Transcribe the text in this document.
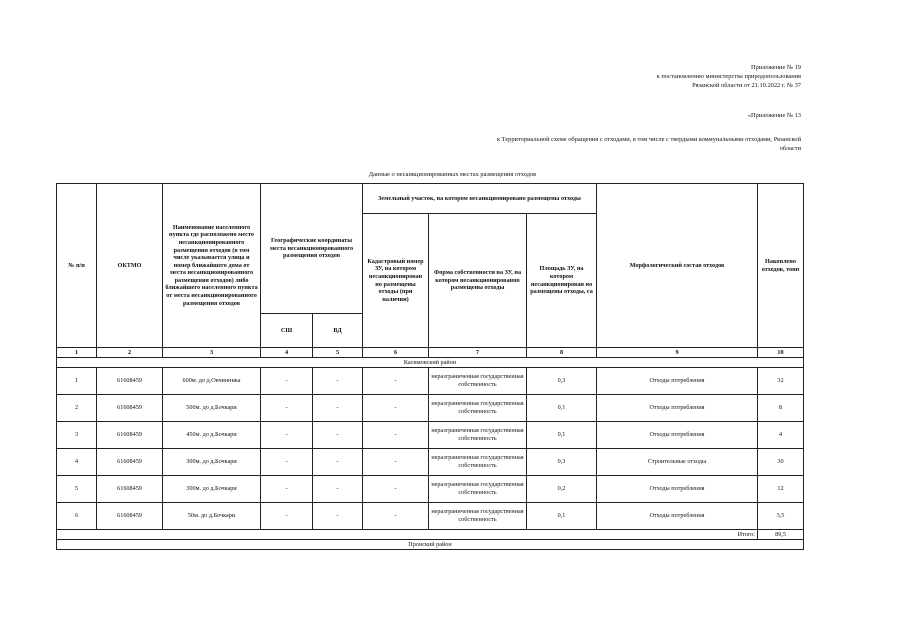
Приложение № 19
к постановлению министерства природопользования
Рязанской области от 21.10.2022 г. № 37
«Приложение № 13
к Территориальной схеме обращения с отходами, в том числе с твердыми коммунальными отходами, Рязанской
области
Данные о несанкционированных местах размещения отходов
№ п/п	ОКТМО	Наименование населенного пункта где расположено место несанкционированного размещения отходов (в том числе указывается улица и номер ближайшего дома от места несанкционированного размещения отходов) либо ближайшего населенного пункта от места несанкционированного размещения отходов	Географические координаты места несанкционированного размещения отходов		Земельный участок, на котором несанкционировано размещены отходы			Морфологический состав отходов	Накоплено отходов, тонн
					Кадастровый номер ЗУ, на котором несанкционирован но размещены отходы (при наличии)	Форма собственности на ЗУ, на котором несанкционированно размещены отходы	Площадь ЗУ, на котором несанкционирован но размещены отходы, га		
			СШ	ВД					
1	2	3	4	5	6	7	8	9	10
Касимовский район									
1	61608459	600м. до д.Овчинника	-	-	-	неразграниченная государственная собственность	0,3	Отходы потребления	32
2	61608459	500м. до д.Бочкари	-	-	-	неразграниченная государственная собственность	0,1	Отходы потребления	8
3	61608459	450м. до д.Бочкари	-	-	-	неразграниченная государственная собственность	0,1	Отходы потребления	4
4	61608459	300м. до д.Бочкари	-	-	-	неразграниченная государственная собственность	0,3	Строительные отходы	30
5	61608459	300м. до д.Бочкари	-	-	-	неразграниченная государственная собственность	0,2	Отходы потребления	12
6	61608459	50м. до д.Бочкари	-	-	-	неразграниченная государственная собственность	0,1	Отходы потребления	3,5
Итого:									89,5
Пронский район									
